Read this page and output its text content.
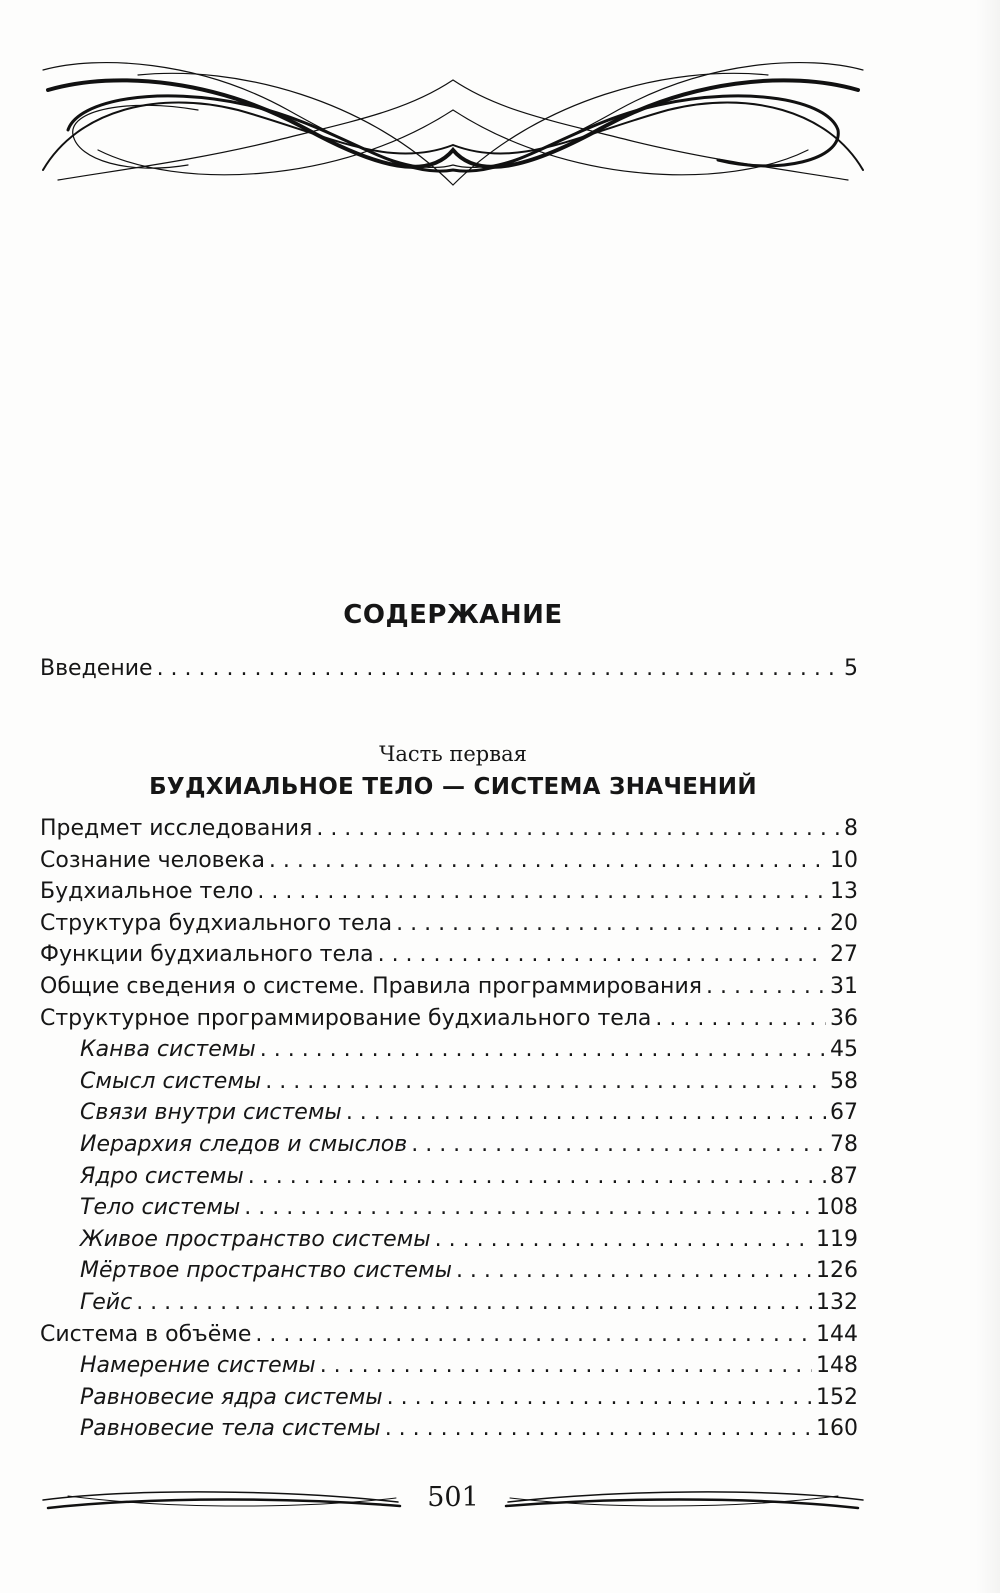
СОДЕРЖАНИЕ
Введение . . .	5
Часть первая
БУДХИАЛЬНОЕ ТЕЛО — СИСТЕМА ЗНАЧЕНИЙ
Предмет исследования . . .	8
Сознание человека . . .	10
Будхиальное тело . . .	13
Структура будхиального тела . . .	20
Функции будхиального тела . . .	27
Общие сведения о системе. Правила программирования . . .	31
Структурное программирование будхиального тела . . .	36
Канва системы . . .	45
Смысл системы . . .	58
Связи внутри системы . . .	67
Иерархия следов и смыслов . . .	78
Ядро системы . . .	87
Тело системы . . .	108
Живое пространство системы . . .	119
Мёртвое пространство системы . . .	126
Гейс . . .	132
Система в объёме . . .	144
Намерение системы . . .	148
Равновесие ядра системы . . .	152
Равновесие тела системы . . .	160
501
